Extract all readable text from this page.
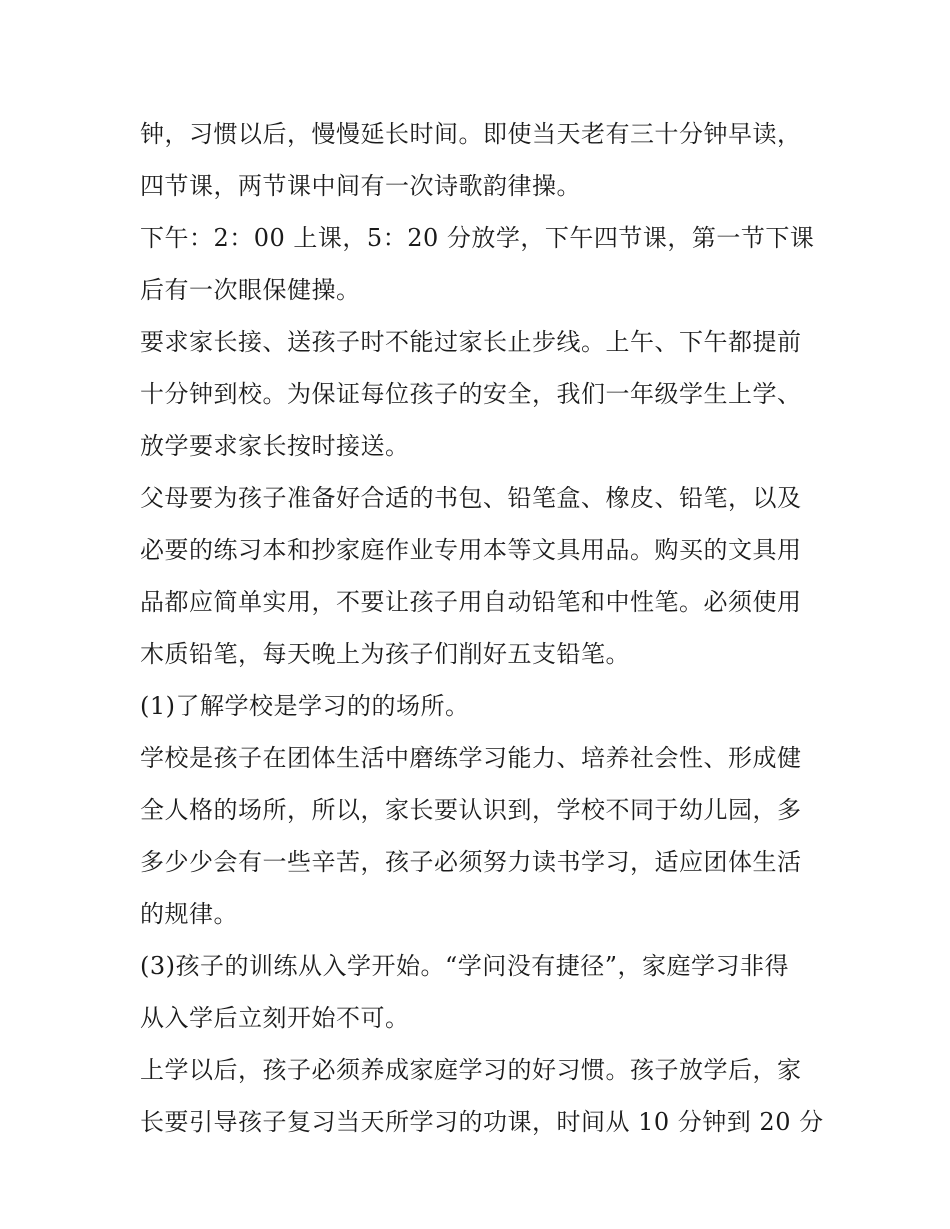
钟，习惯以后，慢慢延长时间。即使当天老有三十分钟早读，
四节课，两节课中间有一次诗歌韵律操。
下午：2：00 上课，5：20 分放学，下午四节课，第一节下课
后有一次眼保健操。
要求家长接、送孩子时不能过家长止步线。上午、下午都提前
十分钟到校。为保证每位孩子的安全，我们一年级学生上学、
放学要求家长按时接送。
父母要为孩子准备好合适的书包、铅笔盒、橡皮、铅笔，以及
必要的练习本和抄家庭作业专用本等文具用品。购买的文具用
品都应简单实用，不要让孩子用自动铅笔和中性笔。必须使用
木质铅笔，每天晚上为孩子们削好五支铅笔。
(1)了解学校是学习的的场所。
学校是孩子在团体生活中磨练学习能力、培养社会性、形成健
全人格的场所，所以，家长要认识到，学校不同于幼儿园，多
多少少会有一些辛苦，孩子必须努力读书学习，适应团体生活
的规律。
(3)孩子的训练从入学开始。“学问没有捷径”，家庭学习非得
从入学后立刻开始不可。
上学以后，孩子必须养成家庭学习的好习惯。孩子放学后，家
长要引导孩子复习当天所学习的功课，时间从 10 分钟到 20 分
